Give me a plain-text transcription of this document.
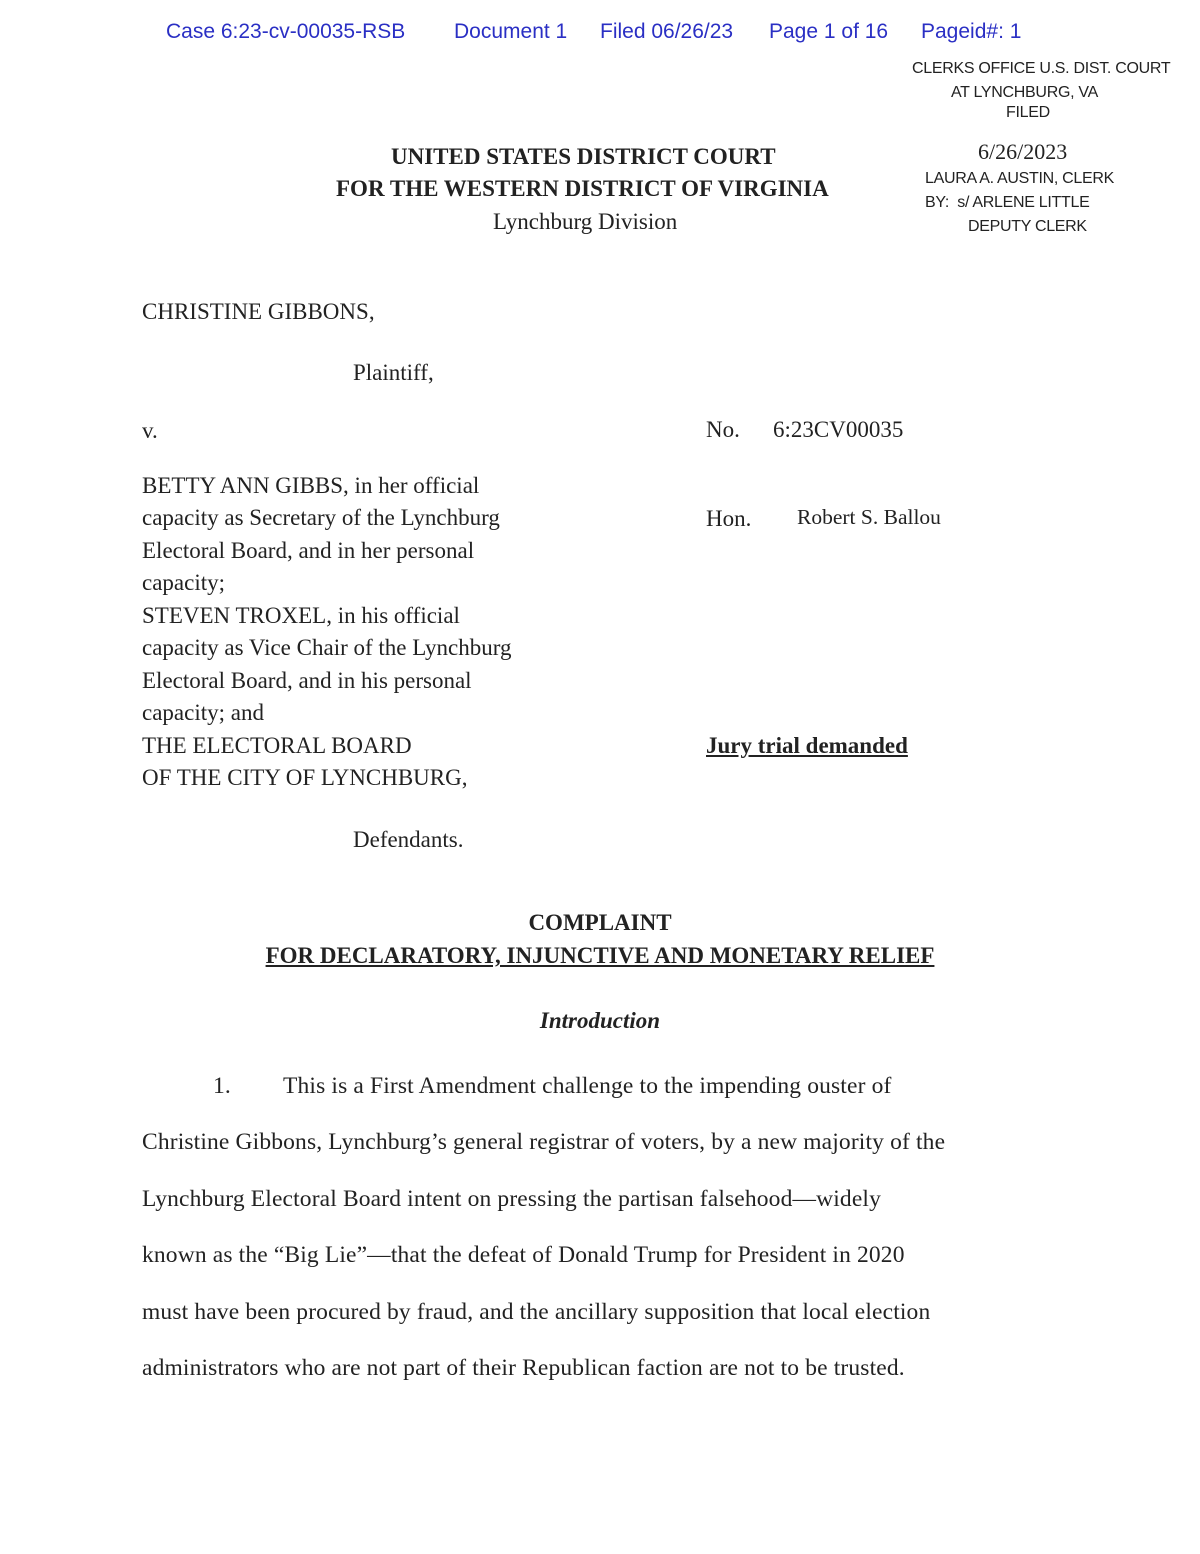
Case 6:23-cv-00035-RSB Document 1 Filed 06/26/23 Page 1 of 16 Pageid#: 1
CLERKS OFFICE U.S. DIST. COURT
AT LYNCHBURG, VA
FILED
6/26/2023
LAURA A. AUSTIN, CLERK
BY:  s/ ARLENE LITTLE
DEPUTY CLERK
UNITED STATES DISTRICT COURT
FOR THE WESTERN DISTRICT OF VIRGINIA
Lynchburg Division
CHRISTINE GIBBONS,
Plaintiff,
v.	No. 6:23CV00035
BETTY ANN GIBBS, in her official
capacity as Secretary of the Lynchburg
Electoral Board, and in her personal
capacity;
STEVEN TROXEL, in his official
capacity as Vice Chair of the Lynchburg
Electoral Board, and in his personal
capacity; and
THE ELECTORAL BOARD
OF THE CITY OF LYNCHBURG,
Hon. Robert S. Ballou
Jury trial demanded
Defendants.
COMPLAINT
FOR DECLARATORY, INJUNCTIVE AND MONETARY RELIEF
Introduction
1. This is a First Amendment challenge to the impending ouster of
Christine Gibbons, Lynchburg’s general registrar of voters, by a new majority of the
Lynchburg Electoral Board intent on pressing the partisan falsehood—widely
known as the “Big Lie”—that the defeat of Donald Trump for President in 2020
must have been procured by fraud, and the ancillary supposition that local election
administrators who are not part of their Republican faction are not to be trusted.
